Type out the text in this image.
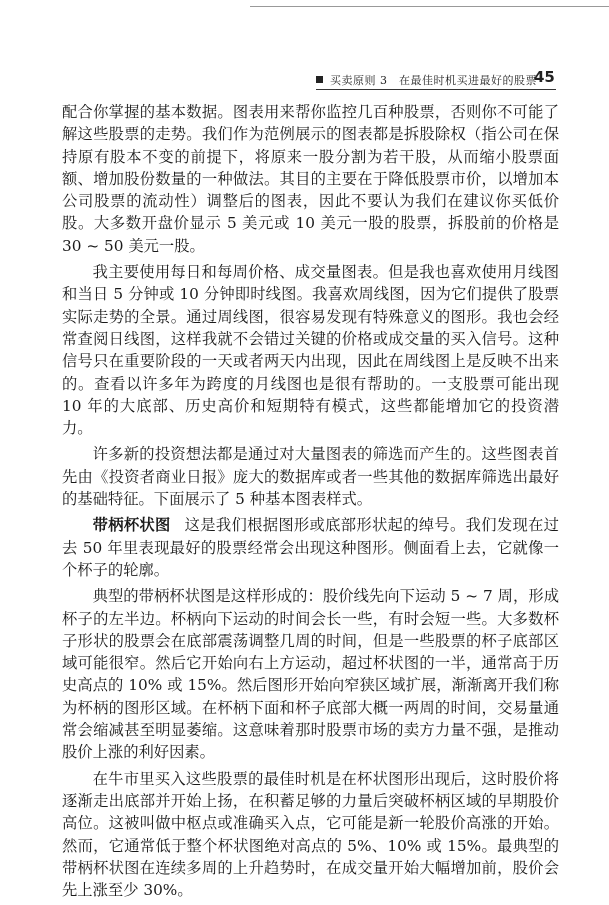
买卖原则 3　在最佳时机买进最好的股票
45

配合你掌握的基本数据。图表用来帮你监控几百种股票，否则你不可能了解这些股票的走势。我们作为范例展示的图表都是拆股除权（指公司在保持原有股本不变的前提下，将原来一股分割为若干股，从而缩小股票面额、增加股份数量的一种做法。其目的主要在于降低股票市价，以增加本公司股票的流动性）调整后的图表，因此不要认为我们在建议你买低价股。大多数开盘价显示 5 美元或 10 美元一股的股票，拆股前的价格是 30 ~ 50 美元一股。

我主要使用每日和每周价格、成交量图表。但是我也喜欢使用月线图和当日 5 分钟或 10 分钟即时线图。我喜欢周线图，因为它们提供了股票实际走势的全景。通过周线图，很容易发现有特殊意义的图形。我也会经常查阅日线图，这样我就不会错过关键的价格或成交量的买入信号。这种信号只在重要阶段的一天或者两天内出现，因此在周线图上是反映不出来的。查看以许多年为跨度的月线图也是很有帮助的。一支股票可能出现 10 年的大底部、历史高价和短期特有模式，这些都能增加它的投资潜力。

许多新的投资想法都是通过对大量图表的筛选而产生的。这些图表首先由《投资者商业日报》庞大的数据库或者一些其他的数据库筛选出最好的基础特征。下面展示了 5 种基本图表样式。

带柄杯状图 这是我们根据图形或底部形状起的绰号。我们发现在过去 50 年里表现最好的股票经常会出现这种图形。侧面看上去，它就像一个杯子的轮廓。

典型的带柄杯状图是这样形成的：股价线先向下运动 5 ~ 7 周，形成杯子的左半边。杯柄向下运动的时间会长一些，有时会短一些。大多数杯子形状的股票会在底部震荡调整几周的时间，但是一些股票的杯子底部区域可能很窄。然后它开始向右上方运动，超过杯状图的一半，通常高于历史高点的 10% 或 15%。然后图形开始向窄狭区域扩展，渐渐离开我们称为杯柄的图形区域。在杯柄下面和杯子底部大概一两周的时间，交易量通常会缩减甚至明显萎缩。这意味着那时股票市场的卖方力量不强，是推动股价上涨的利好因素。

在牛市里买入这些股票的最佳时机是在杯状图形出现后，这时股价将逐渐走出底部并开始上扬，在积蓄足够的力量后突破杯柄区域的早期股价高位。这被叫做中枢点或准确买入点，它可能是新一轮股价高涨的开始。然而，它通常低于整个杯状图绝对高点的 5%、10% 或 15%。最典型的带柄杯状图在连续多周的上升趋势时，在成交量开始大幅增加前，股价会先上涨至少 30%。
